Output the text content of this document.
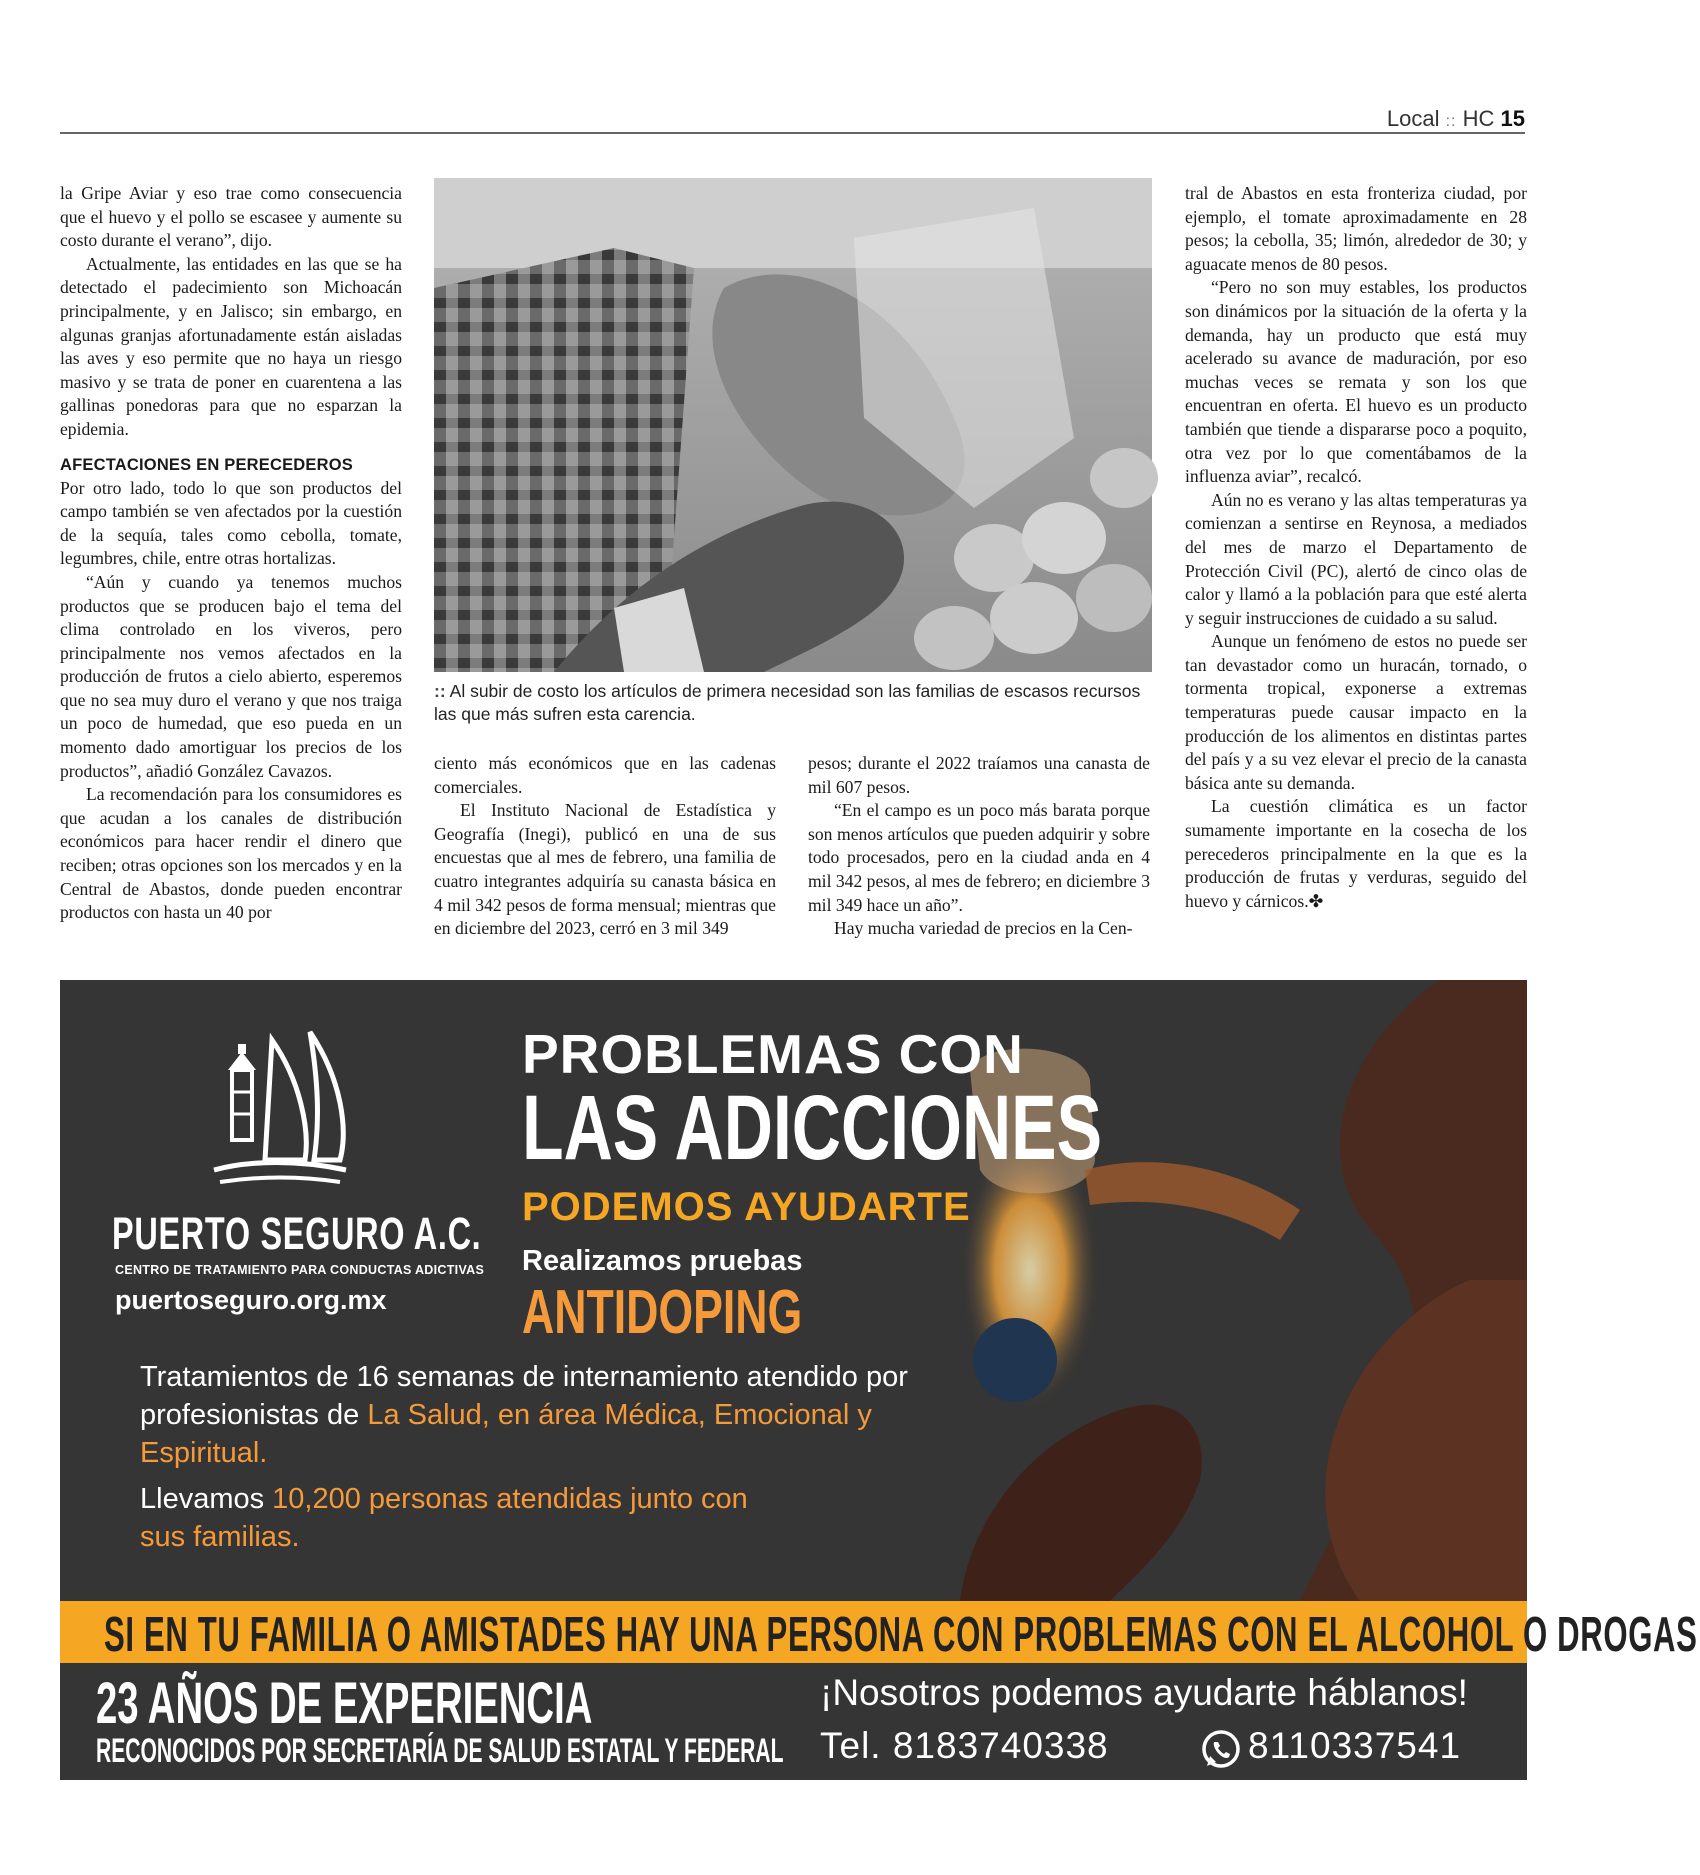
Local :: HC 15

la Gripe Aviar y eso trae como consecuencia que el huevo y el pollo se escasee y aumente su costo durante el verano”, dijo.

Actualmente, las entidades en las que se ha detectado el padecimiento son Michoacán principalmente, y en Jalisco; sin embargo, en algunas granjas afortunadamente están aisladas las aves y eso permite que no haya un riesgo masivo y se trata de poner en cuarentena a las gallinas ponedoras para que no esparzan la epidemia.

AFECTACIONES EN PERECEDEROS

Por otro lado, todo lo que son productos del campo también se ven afectados por la cuestión de la sequía, tales como cebolla, tomate, legumbres, chile, entre otras hortalizas.

“Aún y cuando ya tenemos muchos productos que se producen bajo el tema del clima controlado en los viveros, pero principalmente nos vemos afectados en la producción de frutos a cielo abierto, esperemos que no sea muy duro el verano y que nos traiga un poco de humedad, que eso pueda en un momento dado amortiguar los precios de los productos”, añadió González Cavazos.

La recomendación para los consumidores es que acudan a los canales de distribución económicos para hacer rendir el dinero que reciben; otras opciones son los mercados y en la Central de Abastos, donde pueden encontrar productos con hasta un 40 por

:: Al subir de costo los artículos de primera necesidad son las familias de escasos recursos las que más sufren esta carencia.

ciento más económicos que en las cadenas comerciales.

El Instituto Nacional de Estadística y Geografía (Inegi), publicó en una de sus encuestas que al mes de febrero, una familia de cuatro integrantes adquiría su canasta básica en 4 mil 342 pesos de forma mensual; mientras que en diciembre del 2023, cerró en 3 mil 349

pesos; durante el 2022 traíamos una canasta de mil 607 pesos.

“En el campo es un poco más barata porque son menos artículos que pueden adquirir y sobre todo procesados, pero en la ciudad anda en 4 mil 342 pesos, al mes de febrero; en diciembre 3 mil 349 hace un año”.

Hay mucha variedad de precios en la Cen-

tral de Abastos en esta fronteriza ciudad, por ejemplo, el tomate aproximadamente en 28 pesos; la cebolla, 35; limón, alrededor de 30; y aguacate menos de 80 pesos.

“Pero no son muy estables, los productos son dinámicos por la situación de la oferta y la demanda, hay un producto que está muy acelerado su avance de maduración, por eso muchas veces se remata y son los que encuentran en oferta. El huevo es un producto también que tiende a dispararse poco a poquito, otra vez por lo que comentábamos de la influenza aviar”, recalcó.

Aún no es verano y las altas temperaturas ya comienzan a sentirse en Reynosa, a mediados del mes de marzo el Departamento de Protección Civil (PC), alertó de cinco olas de calor y llamó a la población para que esté alerta y seguir instrucciones de cuidado a su salud.

Aunque un fenómeno de estos no puede ser tan devastador como un huracán, tornado, o tormenta tropical, exponerse a extremas temperaturas puede causar impacto en la producción de los alimentos en distintas partes del país y a su vez elevar el precio de la canasta básica ante su demanda.

La cuestión climática es un factor sumamente importante en la cosecha de los perecederos principalmente en la que es la producción de frutas y verduras, seguido del huevo y cárnicos.✤

PUERTO SEGURO A.C.
CENTRO DE TRATAMIENTO PARA CONDUCTAS ADICTIVAS
puertoseguro.org.mx
PROBLEMAS CON
LAS ADICCIONES
PODEMOS AYUDARTE
Realizamos pruebas
ANTIDOPING
Tratamientos de 16 semanas de internamiento atendido por profesionistas de La Salud, en área Médica, Emocional y Espiritual.
Llevamos 10,200 personas atendidas junto con sus familias.
SI EN TU FAMILIA O AMISTADES HAY UNA PERSONA CON PROBLEMAS CON EL ALCOHOL O DROGAS
23 AÑOS DE EXPERIENCIA
RECONOCIDOS POR SECRETARÍA DE SALUD ESTATAL Y FEDERAL
¡Nosotros podemos ayudarte háblanos!
Tel. 8183740338	8110337541
